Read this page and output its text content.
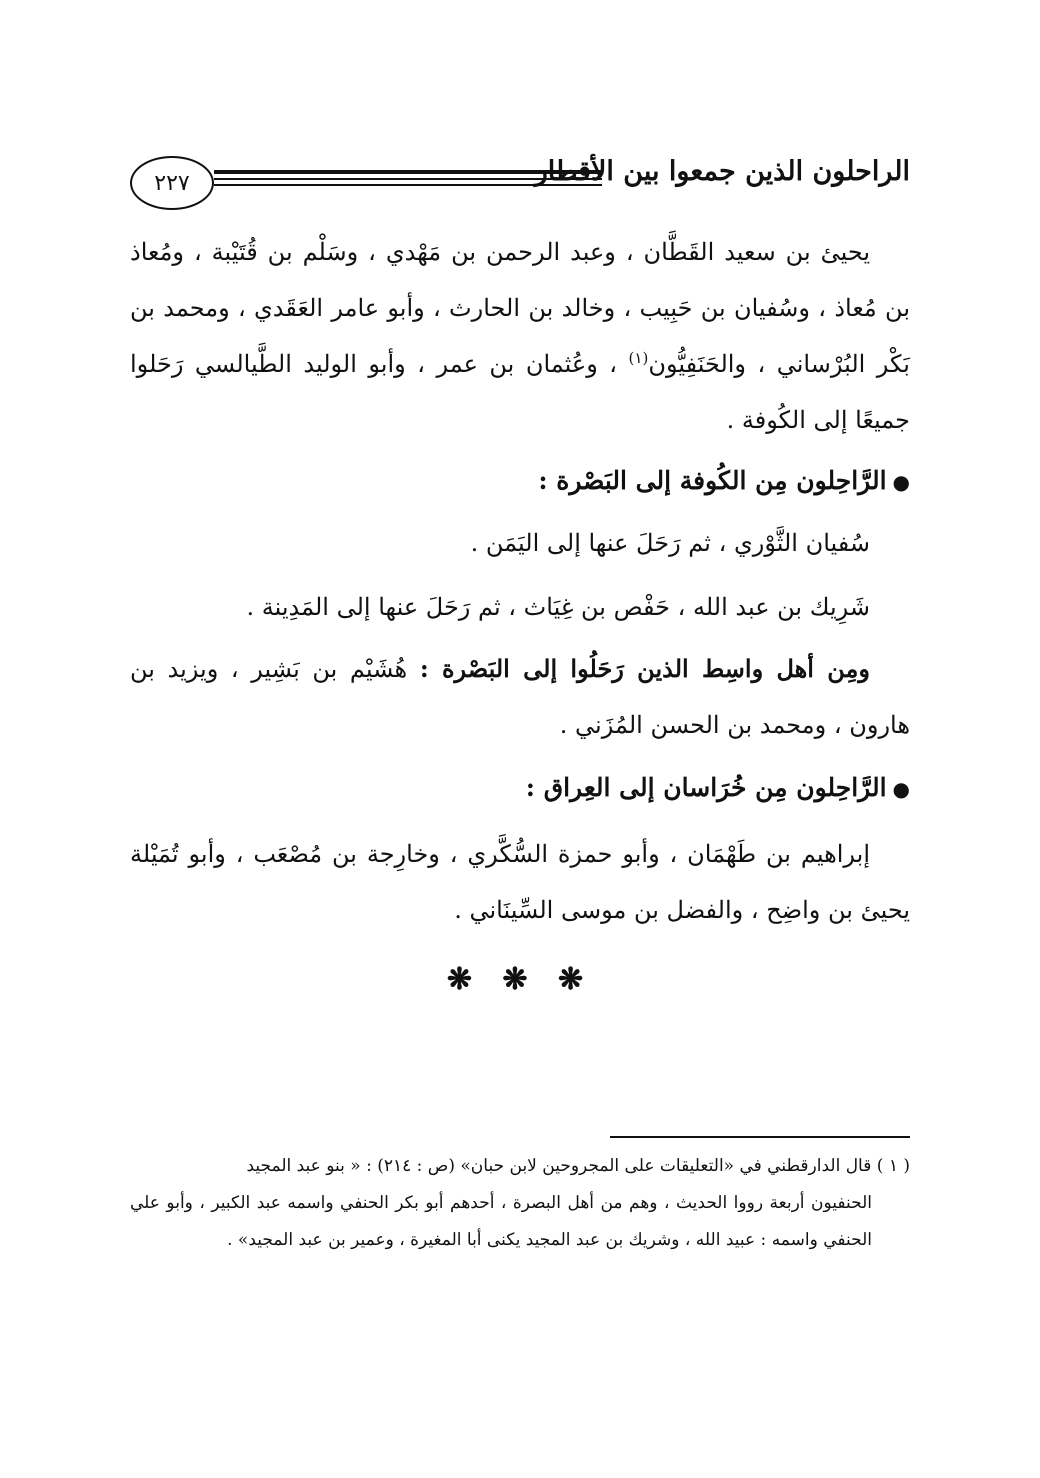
٢٢٧	الراحلون الذين جمعوا بين الأقطار

يحيئ بن سعيد القَطَّان ، وعبد الرحمن بن مَهْدي ، وسَلْم بن قُتَيْبة ، ومُعاذ بن مُعاذ ، وسُفيان بن حَبِيب ، وخالد بن الحارث ، وأبو عامر العَقَدي ، ومحمد بن بَكْر البُرْساني ، والحَنَفِيُّون$^{(١)}$ ، وعُثمان بن عمر ، وأبو الوليد الطَّيالسي رَحَلوا جميعًا إلى الكُوفة .

●الرَّاحِلون مِن الكُوفة إلى البَصْرة :

سُفيان الثَّوْري ، ثم رَحَلَ عنها إلى اليَمَن .

شَرِيك بن عبد الله ، حَفْص بن غِيَاث ، ثم رَحَلَ عنها إلى المَدِينة .

ومِن أهل واسِط الذين رَحَلُوا إلى البَصْرة : هُشَيْم بن بَشِير ، ويزيد بن هارون ، ومحمد بن الحسن المُزَني .

●الرَّاحِلون مِن خُرَاسان إلى العِراق :

إبراهيم بن طَهْمَان ، وأبو حمزة السُّكَّري ، وخارِجة بن مُصْعَب ، وأبو تُمَيْلة يحيئ بن واضِح ، والفضل بن موسى السِّينَاني .

❋ ❋ ❋

( ١ ) قال الدارقطني في «التعليقات على المجروحين لابن حبان» (ص : ٢١٤) : « بنو عبد المجيد

الحنفيون أربعة رووا الحديث ، وهم من أهل البصرة ، أحدهم أبو بكر الحنفي واسمه عبد الكبير ، وأبو علي الحنفي واسمه : عبيد الله ، وشريك بن عبد المجيد يكنى أبا المغيرة ، وعمير بن عبد المجيد» .
